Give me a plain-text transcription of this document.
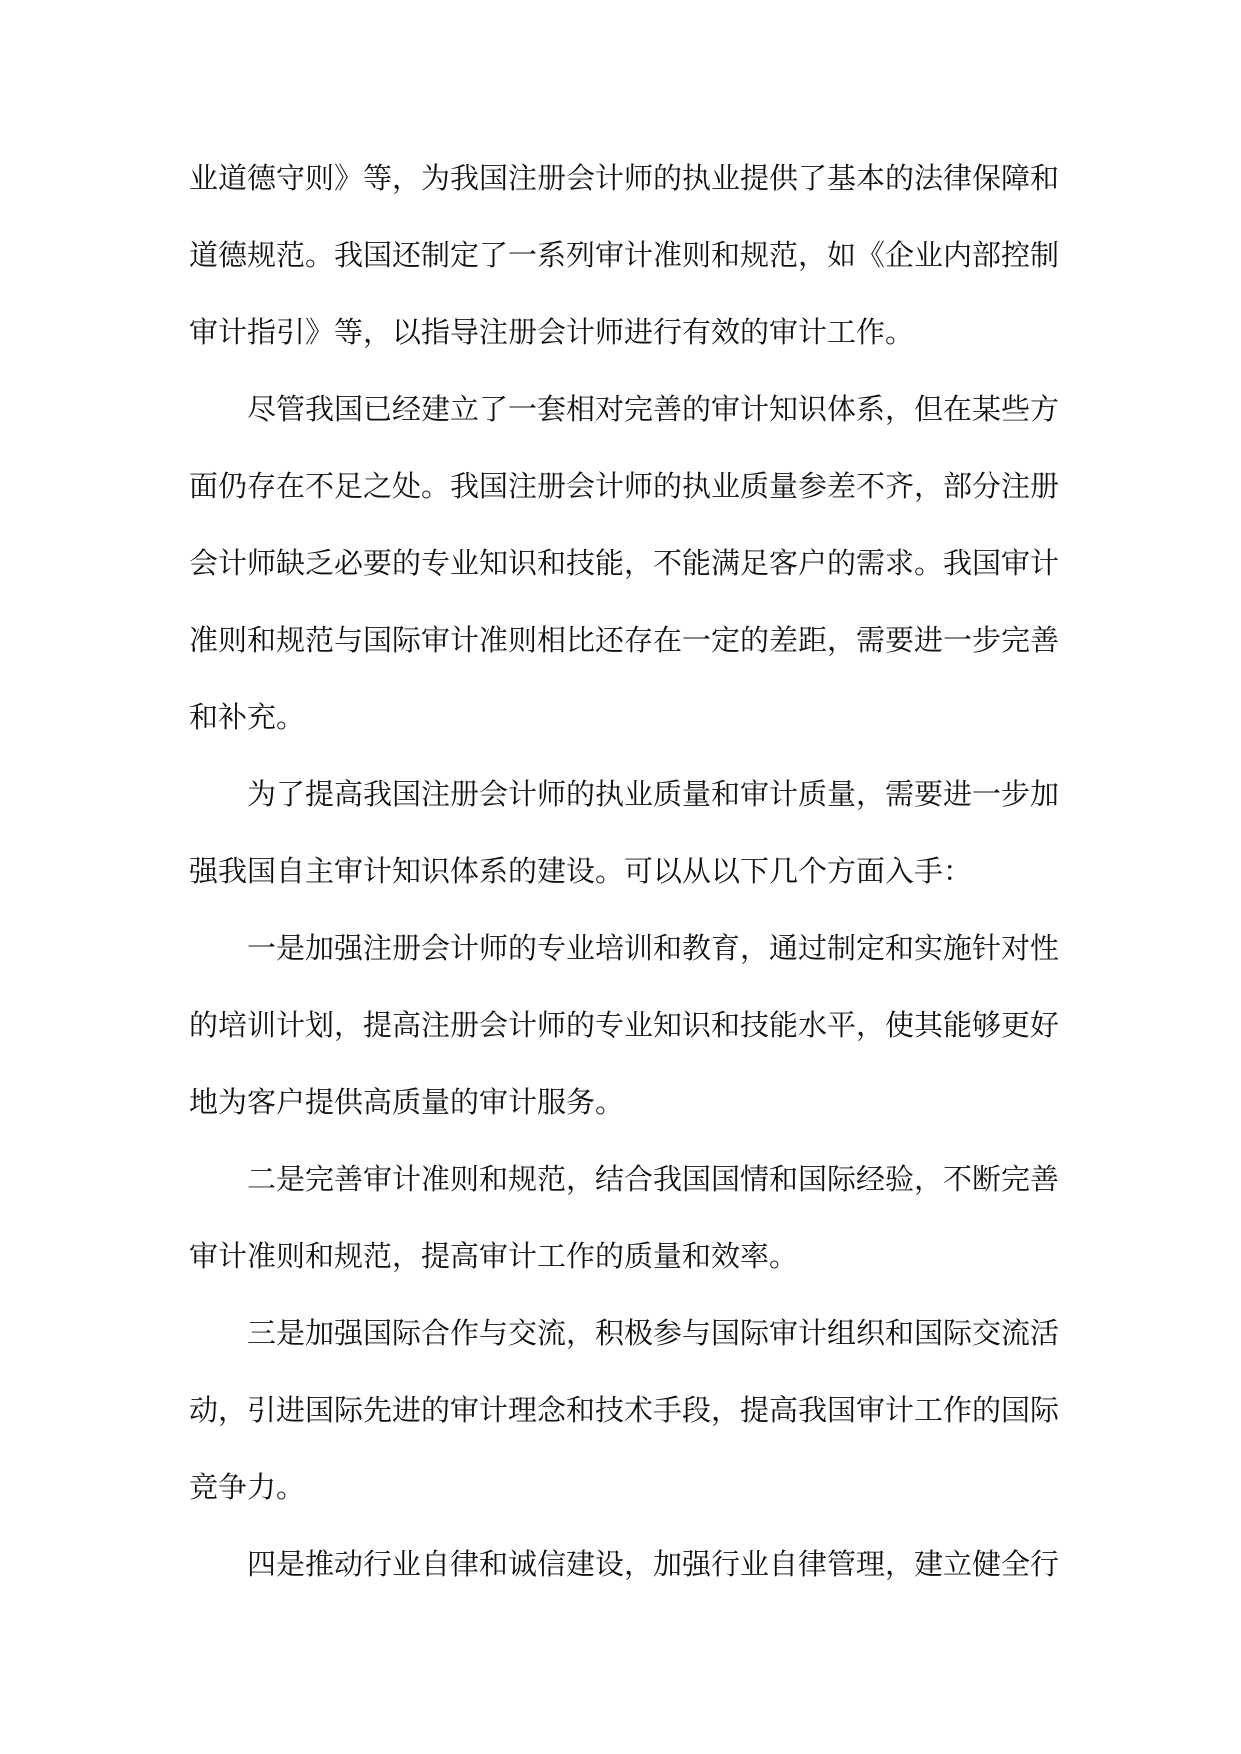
业道德守则》等，为我国注册会计师的执业提供了基本的法律保障和
道德规范。我国还制定了一系列审计准则和规范，如《企业内部控制
审计指引》等，以指导注册会计师进行有效的审计工作。
尽管我国已经建立了一套相对完善的审计知识体系，但在某些方
面仍存在不足之处。我国注册会计师的执业质量参差不齐，部分注册
会计师缺乏必要的专业知识和技能，不能满足客户的需求。我国审计
准则和规范与国际审计准则相比还存在一定的差距，需要进一步完善
和补充。
为了提高我国注册会计师的执业质量和审计质量，需要进一步加
强我国自主审计知识体系的建设。可以从以下几个方面入手：
一是加强注册会计师的专业培训和教育，通过制定和实施针对性
的培训计划，提高注册会计师的专业知识和技能水平，使其能够更好
地为客户提供高质量的审计服务。
二是完善审计准则和规范，结合我国国情和国际经验，不断完善
审计准则和规范，提高审计工作的质量和效率。
三是加强国际合作与交流，积极参与国际审计组织和国际交流活
动，引进国际先进的审计理念和技术手段，提高我国审计工作的国际
竞争力。
四是推动行业自律和诚信建设，加强行业自律管理，建立健全行
